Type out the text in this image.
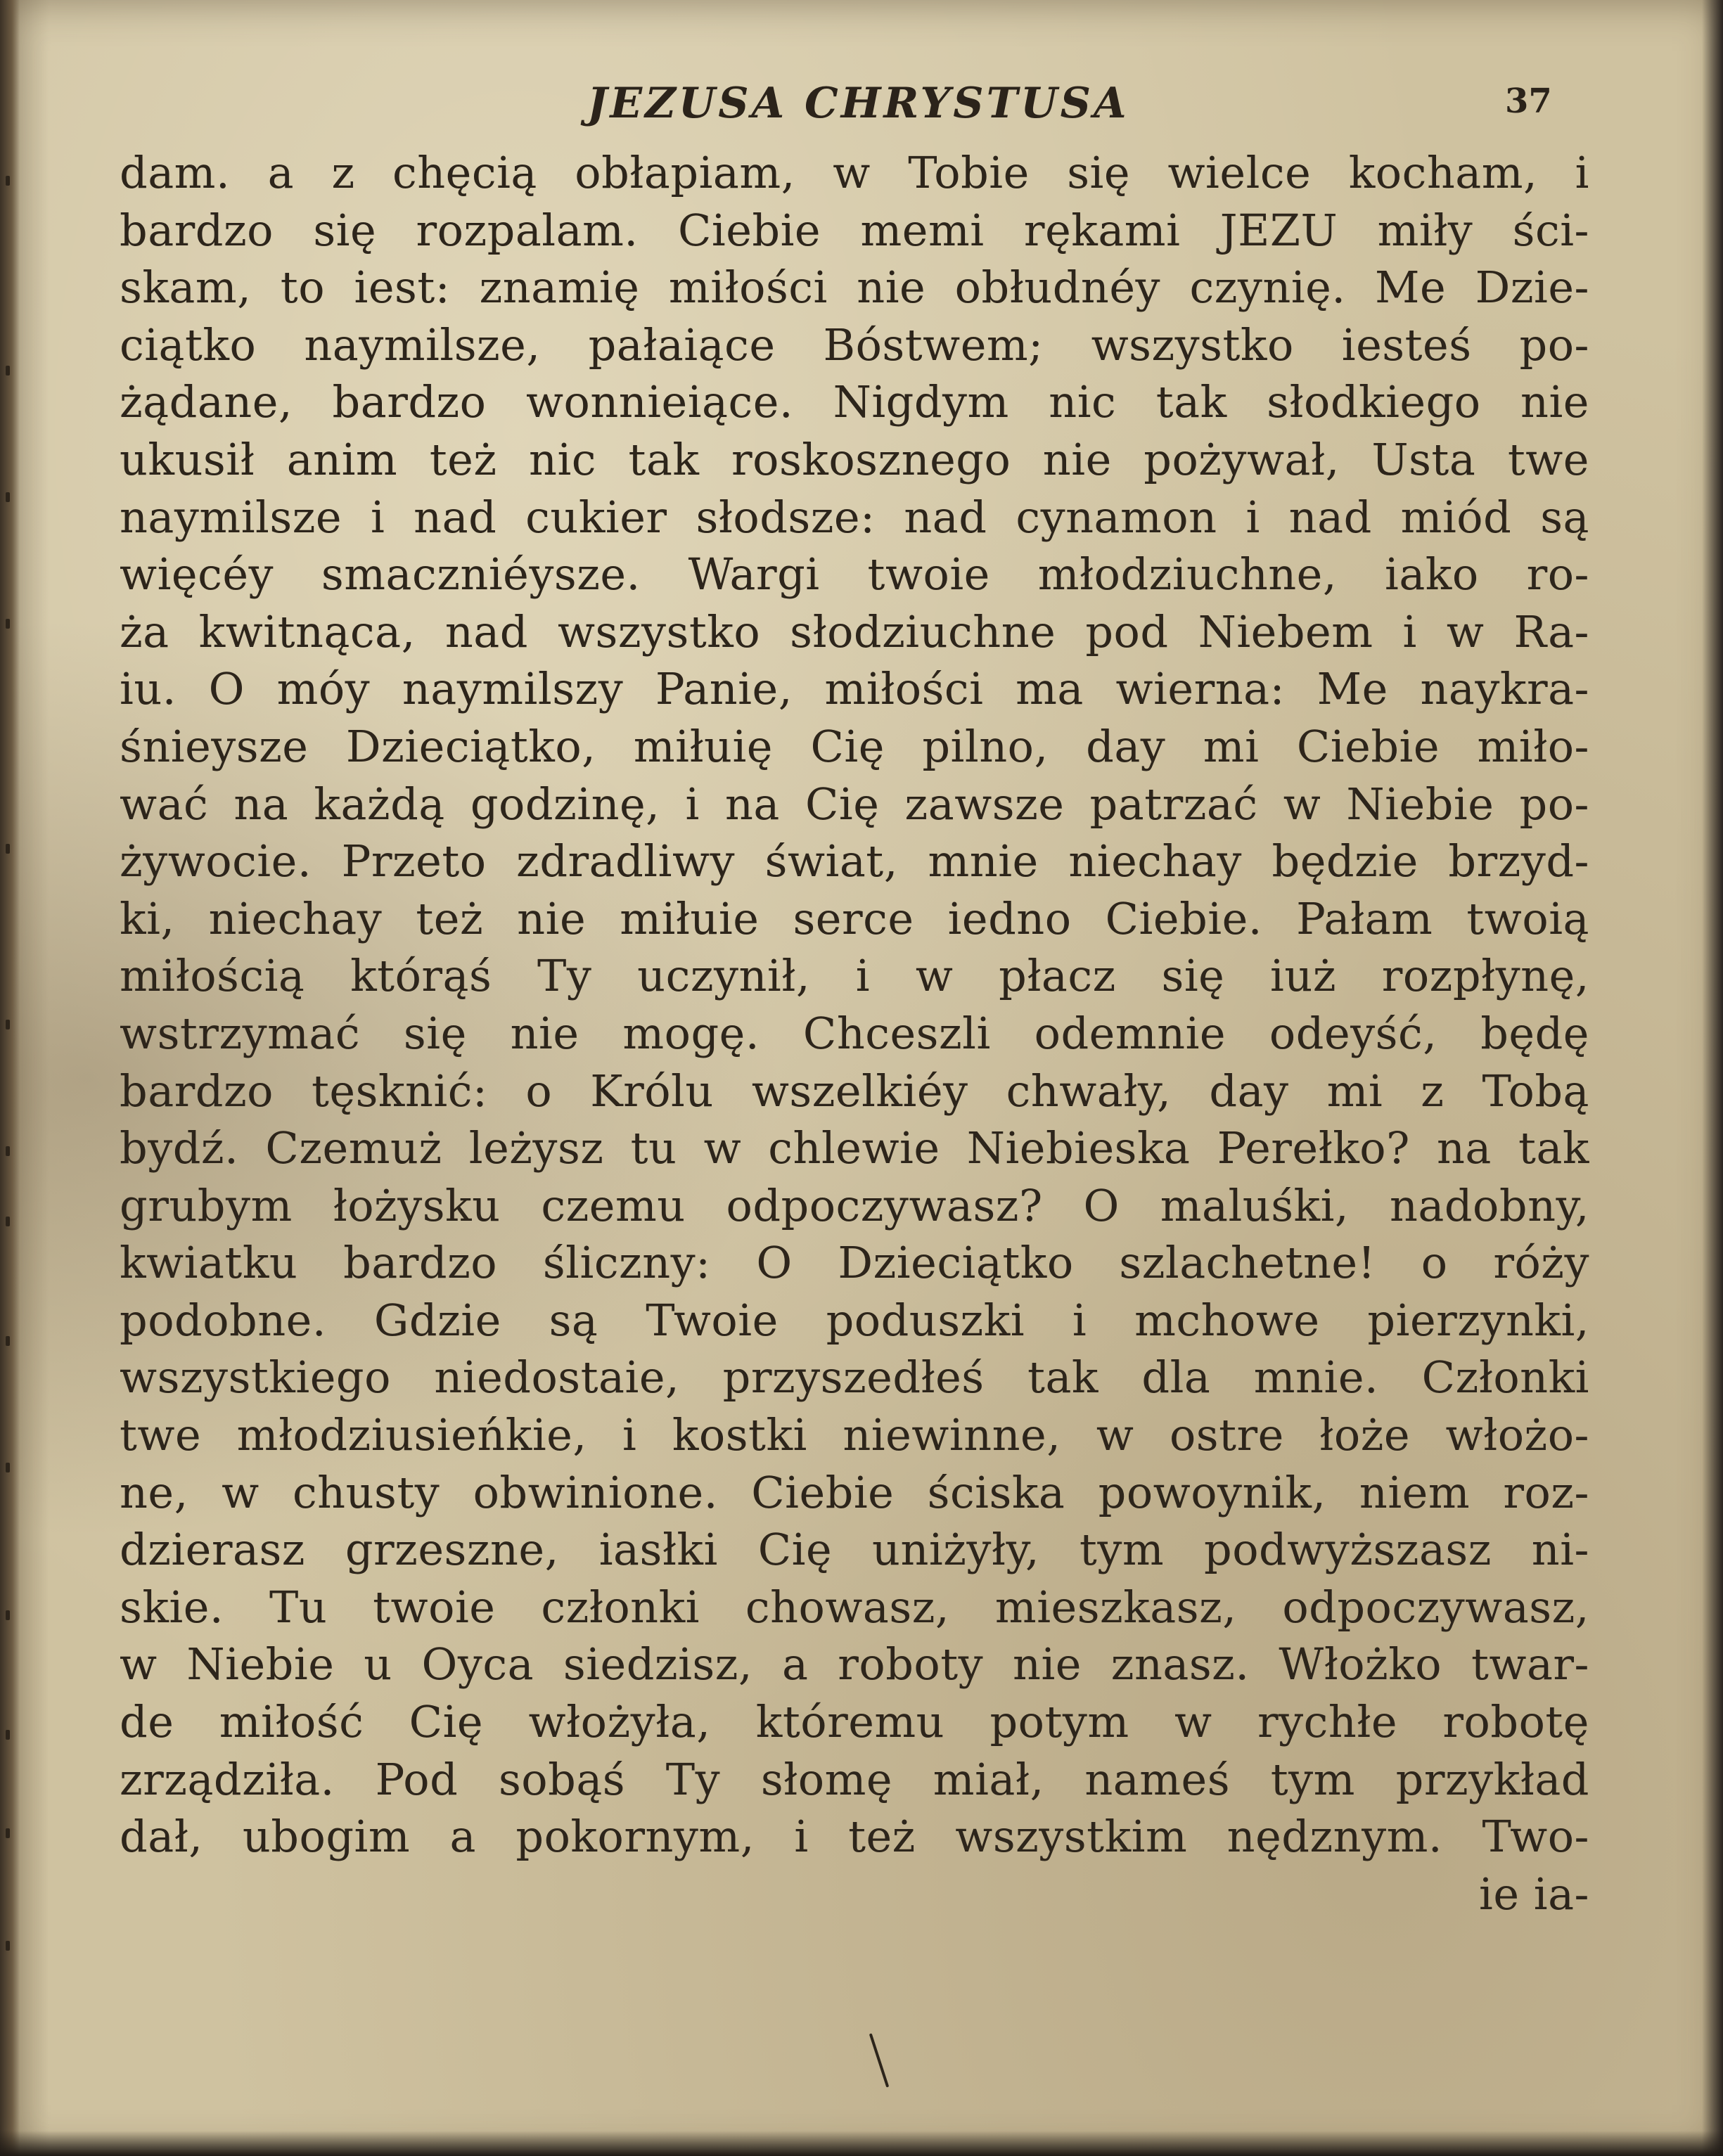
JEZUSA CHRYSTUSA	37
dam. a z chęcią obłapiam, w Tobie się wielce kocham, i
bardzo się rozpalam. Ciebie memi rękami JEZU miły ści-
skam, to iest: znamię miłości nie obłudnéy czynię. Me Dzie-
ciątko naymilsze, pałaiące Bóstwem; wszystko iesteś po-
żądane, bardzo wonnieiące. Nigdym nic tak słodkiego nie
ukusił anim też nic tak roskosznego nie pożywał, Usta twe
naymilsze i nad cukier słodsze: nad cynamon i nad miód są
więcéy smaczniéysze. Wargi twoie młodziuchne, iako ro-
ża kwitnąca, nad wszystko słodziuchne pod Niebem i w Ra-
iu. O móy naymilszy Panie, miłości ma wierna: Me naykra-
śnieysze Dzieciątko, miłuię Cię pilno, day mi Ciebie miło-
wać na każdą godzinę, i na Cię zawsze patrzać w Niebie po-
żywocie. Przeto zdradliwy świat, mnie niechay będzie brzyd-
ki, niechay też nie miłuie serce iedno Ciebie. Pałam twoią
miłością którąś Ty uczynił, i w płacz się iuż rozpłynę,
wstrzymać się nie mogę. Chceszli odemnie odeyść, będę
bardzo tęsknić: o Królu wszelkiéy chwały, day mi z Tobą
bydź. Czemuż leżysz tu w chlewie Niebieska Perełko? na tak
grubym łożysku czemu odpoczywasz? O maluśki, nadobny,
kwiatku bardzo śliczny: O Dzieciątko szlachetne! o róży
podobne. Gdzie są Twoie poduszki i mchowe pierzynki,
wszystkiego niedostaie, przyszedłeś tak dla mnie. Członki
twe młodziusieńkie, i kostki niewinne, w ostre łoże włożo-
ne, w chusty obwinione. Ciebie ściska powoynik, niem roz-
dzierasz grzeszne, iasłki Cię uniżyły, tym podwyższasz ni-
skie. Tu twoie członki chowasz, mieszkasz, odpoczywasz,
w Niebie u Oyca siedzisz, a roboty nie znasz. Włożko twar-
de miłość Cię włożyła, któremu potym w rychłe robotę
zrządziła. Pod sobąś Ty słomę miał, nameś tym przykład
dał, ubogim a pokornym, i też wszystkim nędznym. Two-
ie ia-
